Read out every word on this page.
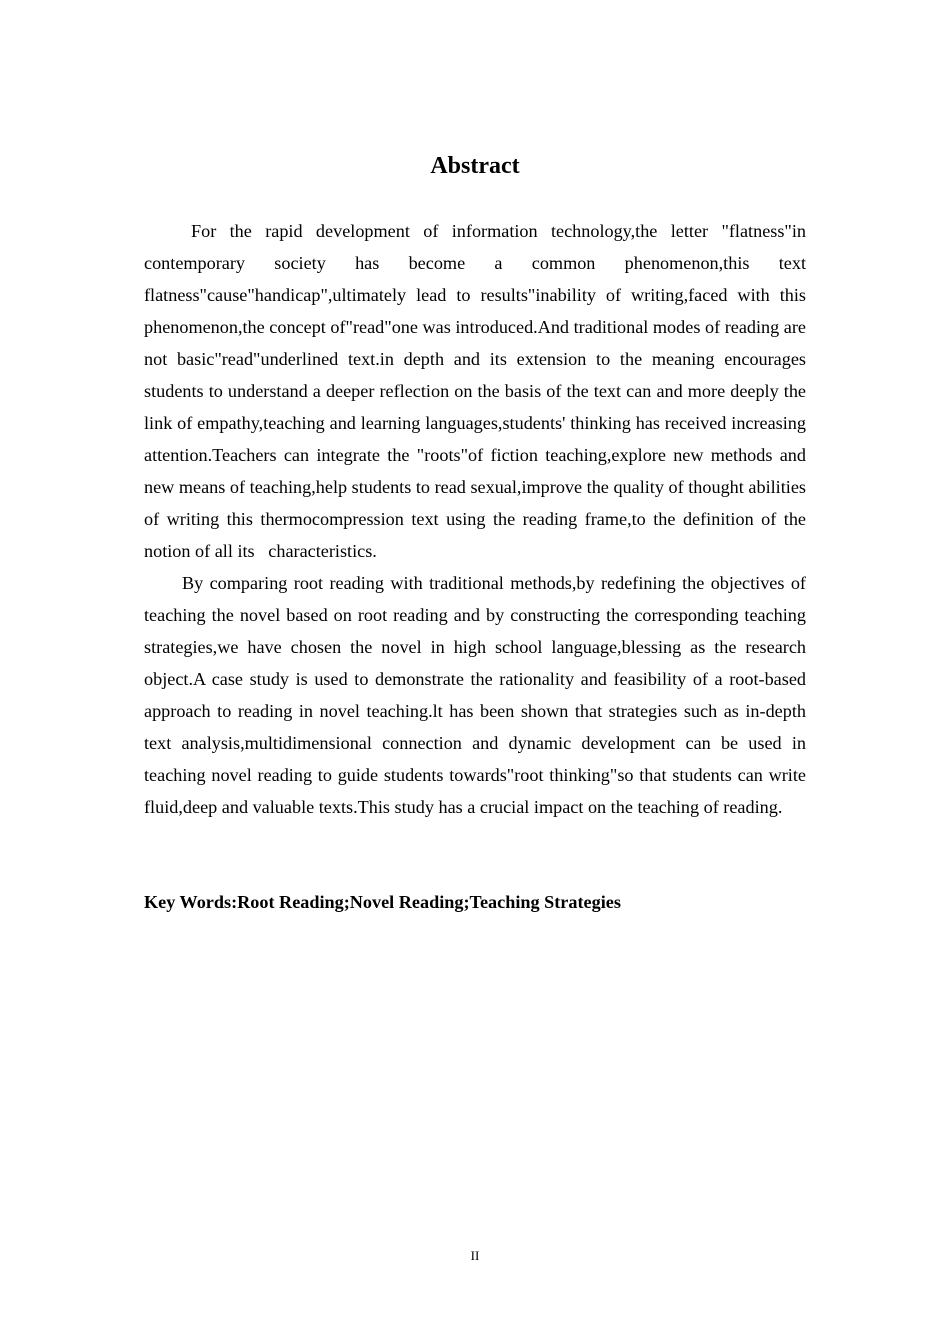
Abstract

For the rapid development of information technology,the letter "flatness"in contemporary society has become a common phenomenon,this text flatness"cause"handicap",ultimately lead to results"inability of writing,faced with this phenomenon,the concept of"read"one was introduced.And traditional modes of reading are not basic"read"underlined text.in depth and its extension to the meaning encourages students to understand a deeper reflection on the basis of the text can and more deeply the link of empathy,teaching and learning languages,students' thinking has received increasing attention.Teachers can integrate the "roots"of fiction teaching,explore new methods and new means of teaching,help students to read sexual,improve the quality of thought abilities of writing this thermocompression text using the reading frame,to the definition of the notion of all its   characteristics.

By comparing root reading with traditional methods,by redefining the objectives of teaching the novel based on root reading and by constructing the corresponding teaching strategies,we have chosen the novel in high school language,blessing as the research object.A case study is used to demonstrate the rationality and feasibility of a root-based approach to reading in novel teaching.lt has been shown that strategies such as in-depth text analysis,multidimensional connection and dynamic development can be used in teaching novel reading to guide students towards"root thinking"so that students can write fluid,deep and valuable texts.This study has a crucial impact on the teaching of reading.

Key Words:Root Reading;Novel Reading;Teaching Strategies
II
